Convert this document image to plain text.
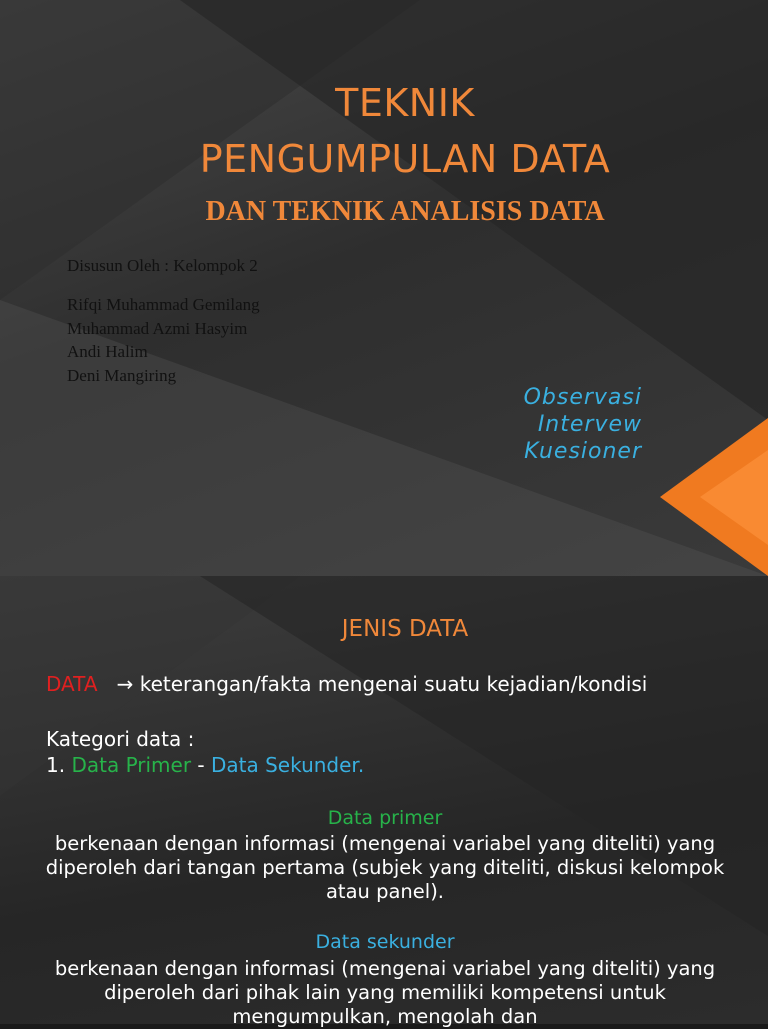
TEKNIK
PENGUMPULAN DATA
DAN TEKNIK ANALISIS DATA
Disusun Oleh : Kelompok 2
Rifqi Muhammad Gemilang
Muhammad Azmi Hasyim
Andi Halim
Deni Mangiring
Observasi
Intervew
Kuesioner
JENIS DATA
DATA → keterangan/fakta mengenai suatu kejadian/kondisi
Kategori data :
1. Data Primer - Data Sekunder.
Data primer
berkenaan dengan informasi (mengenai variabel yang diteliti) yang diperoleh dari tangan pertama (subjek yang diteliti, diskusi kelompok atau panel).
Data sekunder
berkenaan dengan informasi (mengenai variabel yang diteliti) yang diperoleh dari pihak lain yang memiliki kompetensi untuk mengumpulkan, mengolah dan
